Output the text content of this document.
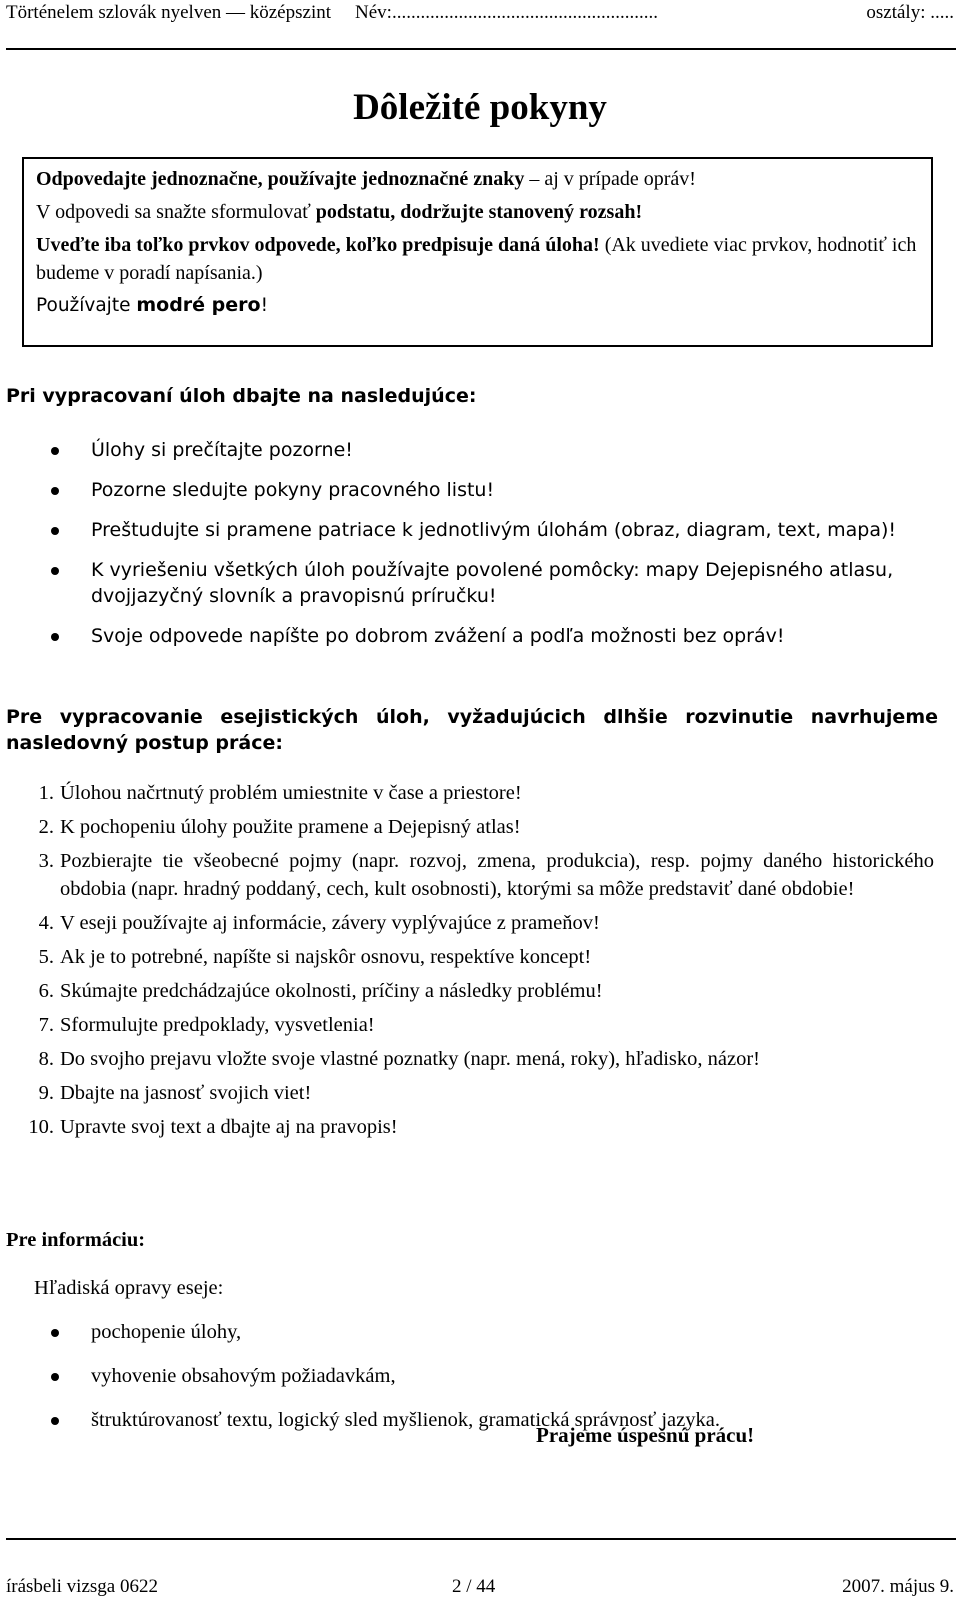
Történelem szlovák nyelven — középszint Név:........................................................	osztály: .....
Dôležité pokyny

Odpovedajte jednoznačne, používajte jednoznačné znaky – aj v prípade opráv!

V odpovedi sa snažte sformulovať podstatu, dodržujte stanovený rozsah!

Uveďte iba toľko prvkov odpovede, koľko predpisuje daná úloha! (Ak uvediete viac prvkov, hodnotiť ich budeme v poradí napísania.)

Používajte modré pero!

Pri vypracovaní úloh dbajte na nasledujúce:
Úlohy si prečítajte pozorne!
Pozorne sledujte pokyny pracovného listu!
Preštudujte si pramene patriace k jednotlivým úlohám (obraz, diagram, text, mapa)!
K vyriešeniu všetkých úloh používajte povolené pomôcky: mapy Dejepisného atlasu, dvojjazyčný slovník a pravopisnú príručku!
Svoje odpovede napíšte po dobrom zvážení a podľa možnosti bez opráv!
Pre vypracovanie esejistických úloh, vyžadujúcich dlhšie rozvinutie navrhujeme nasledovný postup práce:
1. Úlohou načrtnutý problém umiestnite v čase a priestore!
2. K pochopeniu úlohy použite pramene a Dejepisný atlas!
3. Pozbierajte tie všeobecné pojmy (napr. rozvoj, zmena, produkcia), resp. pojmy daného historického obdobia (napr. hradný poddaný, cech, kult osobnosti), ktorými sa môže predstaviť dané obdobie!
4. V eseji používajte aj informácie, závery vyplývajúce z prameňov!
5. Ak je to potrebné, napíšte si najskôr osnovu, respektíve koncept!
6. Skúmajte predchádzajúce okolnosti, príčiny a následky problému!
7. Sformulujte predpoklady, vysvetlenia!
8. Do svojho prejavu vložte svoje vlastné poznatky (napr. mená, roky), hľadisko, názor!
9. Dbajte na jasnosť svojich viet!
10. Upravte svoj text a dbajte aj na pravopis!
Pre informáciu:
Hľadiská opravy eseje:
pochopenie úlohy,
vyhovenie obsahovým požiadavkám,
štruktúrovanosť textu, logický sled myšlienok, gramatická správnosť jazyka.
Prajeme úspešnú prácu!
írásbeli vizsga 0622	2 / 44	2007. május 9.
